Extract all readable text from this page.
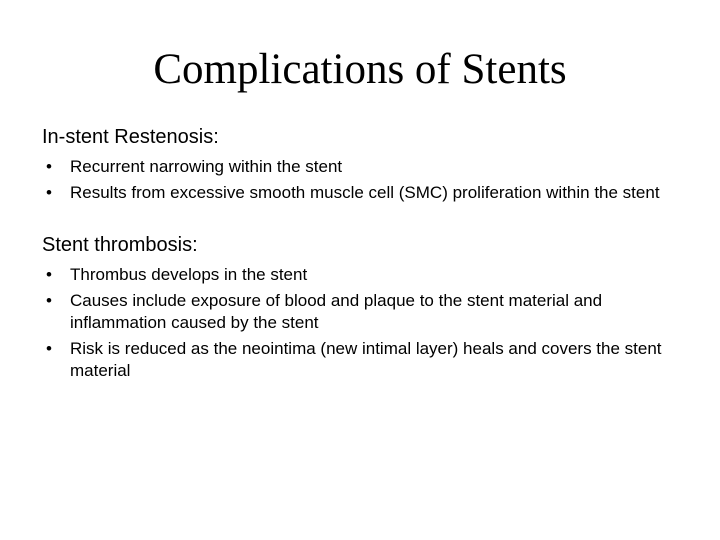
Complications of Stents

In-stent Restenosis:

• Recurrent narrowing within the stent
• Results from excessive smooth muscle cell (SMC) proliferation within the stent

Stent thrombosis:

• Thrombus develops in the stent
• Causes include exposure of blood and plaque to the stent material and inflammation caused by the stent
• Risk is reduced as the neointima (new intimal layer) heals and covers the stent material
